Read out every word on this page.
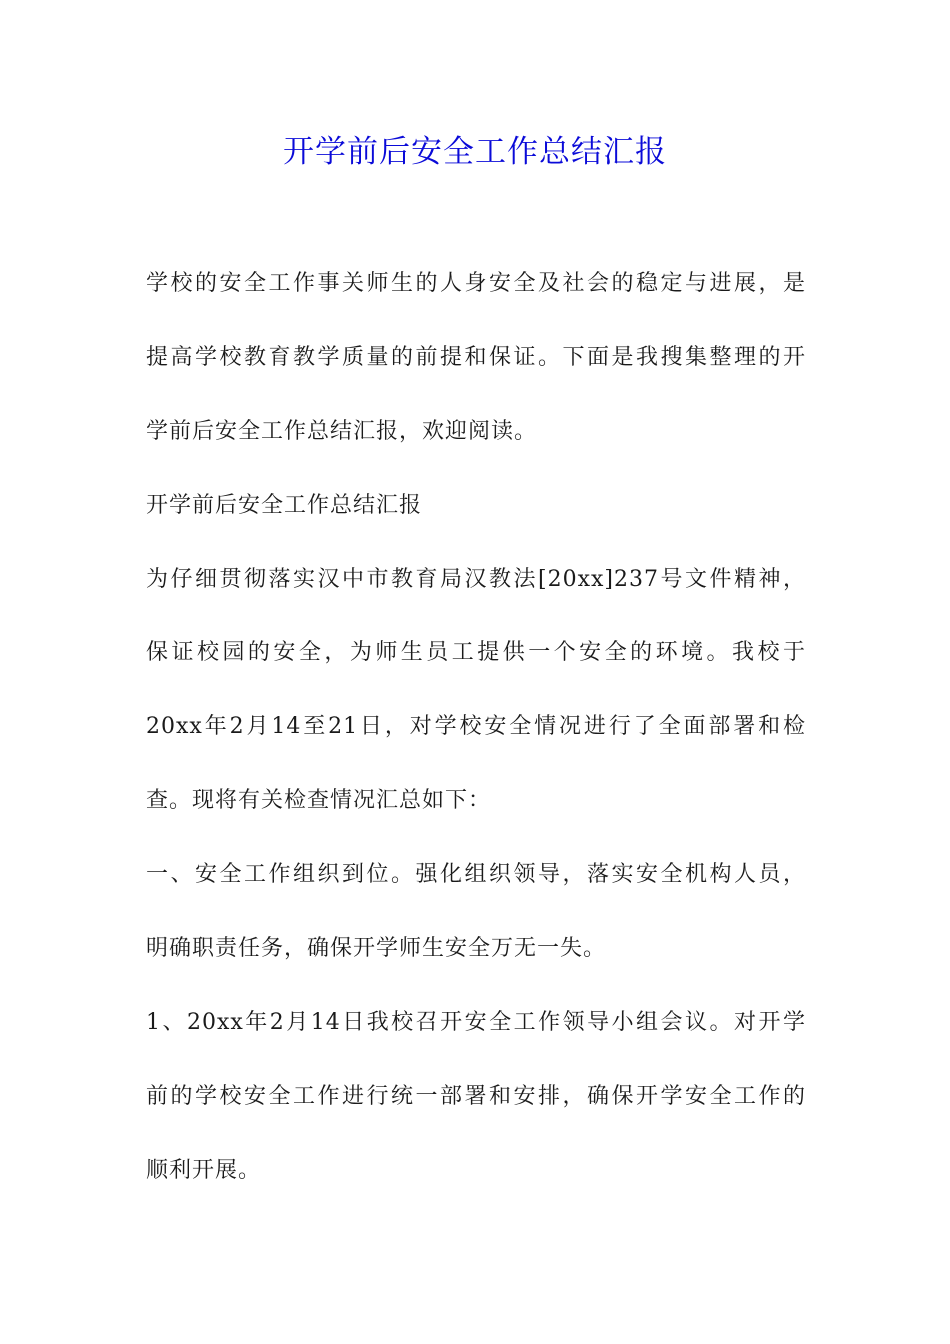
开学前后安全工作总结汇报
学校的安全工作事关师生的人身安全及社会的稳定与进展，是
提高学校教育教学质量的前提和保证。下面是我搜集整理的开
学前后安全工作总结汇报，欢迎阅读。
开学前后安全工作总结汇报
为仔细贯彻落实汉中市教育局汉教法[20xx]237号文件精神，
保证校园的安全，为师生员工提供一个安全的环境。我校于
20xx年2月14至21日，对学校安全情况进行了全面部署和检
查。现将有关检查情况汇总如下：
一、安全工作组织到位。强化组织领导，落实安全机构人员，
明确职责任务，确保开学师生安全万无一失。
1、20xx年2月14日我校召开安全工作领导小组会议。对开学
前的学校安全工作进行统一部署和安排，确保开学安全工作的
顺利开展。
